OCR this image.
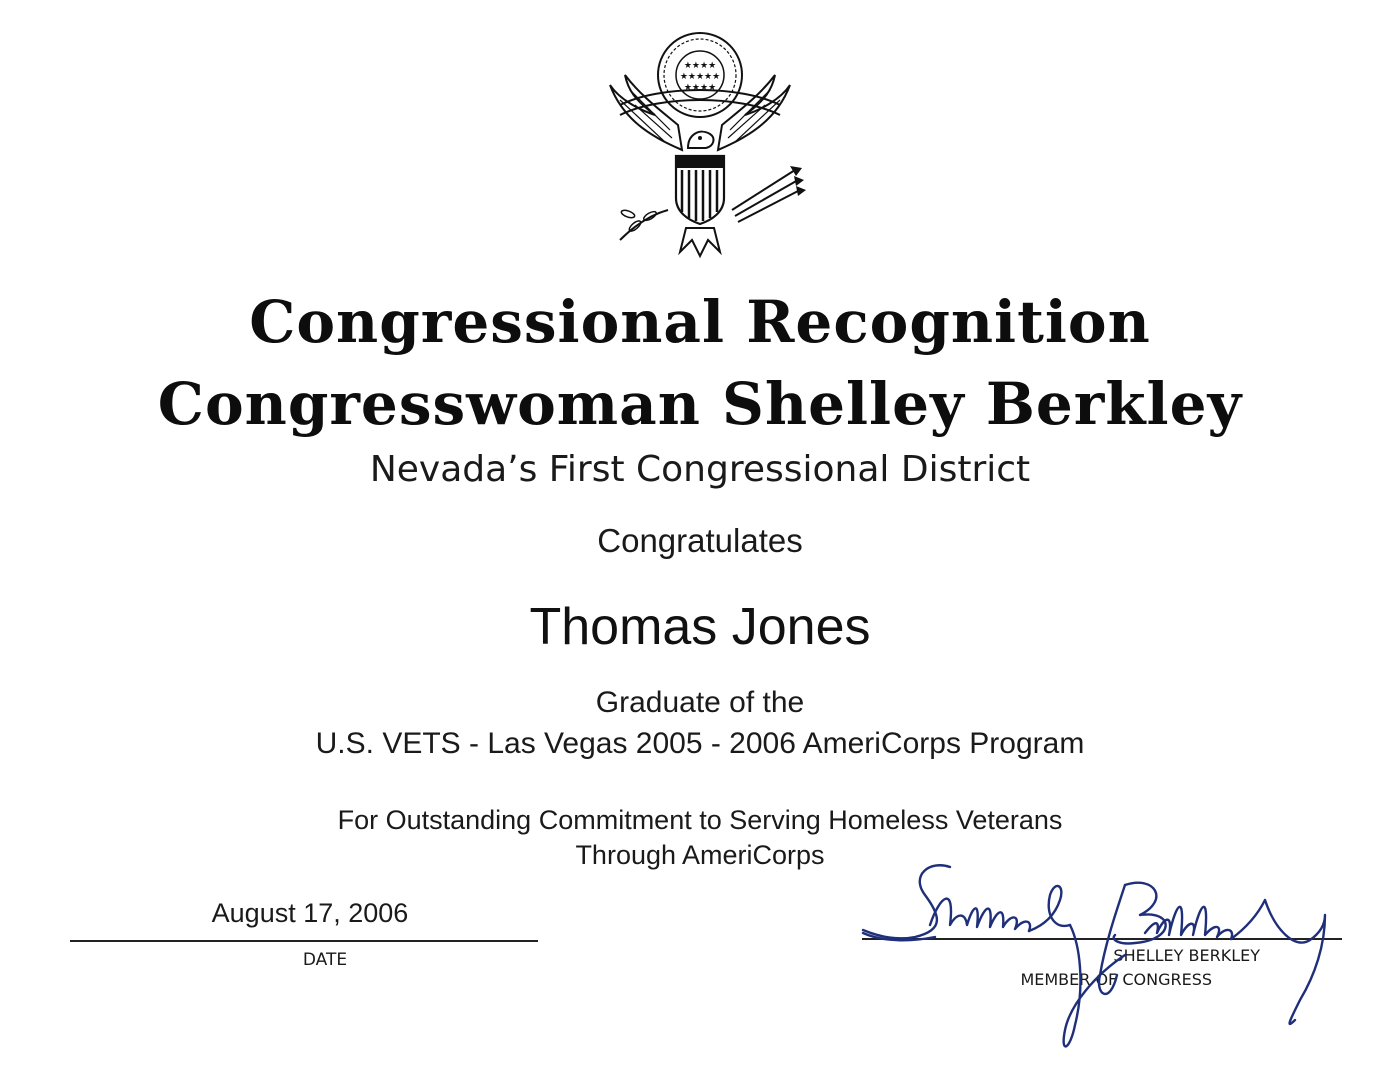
★★★★
★★★★★
★★★★
Congressional Recognition
Congresswoman Shelley Berkley
Nevada’s First Congressional District
Congratulates
Thomas Jones
Graduate of the
U.S. VETS - Las Vegas 2005 - 2006 AmeriCorps Program
For Outstanding Commitment to Serving Homeless Veterans
Through AmeriCorps
August 17, 2006
DATE	SHELLEY BERKLEY
MEMBER OF CONGRESS
